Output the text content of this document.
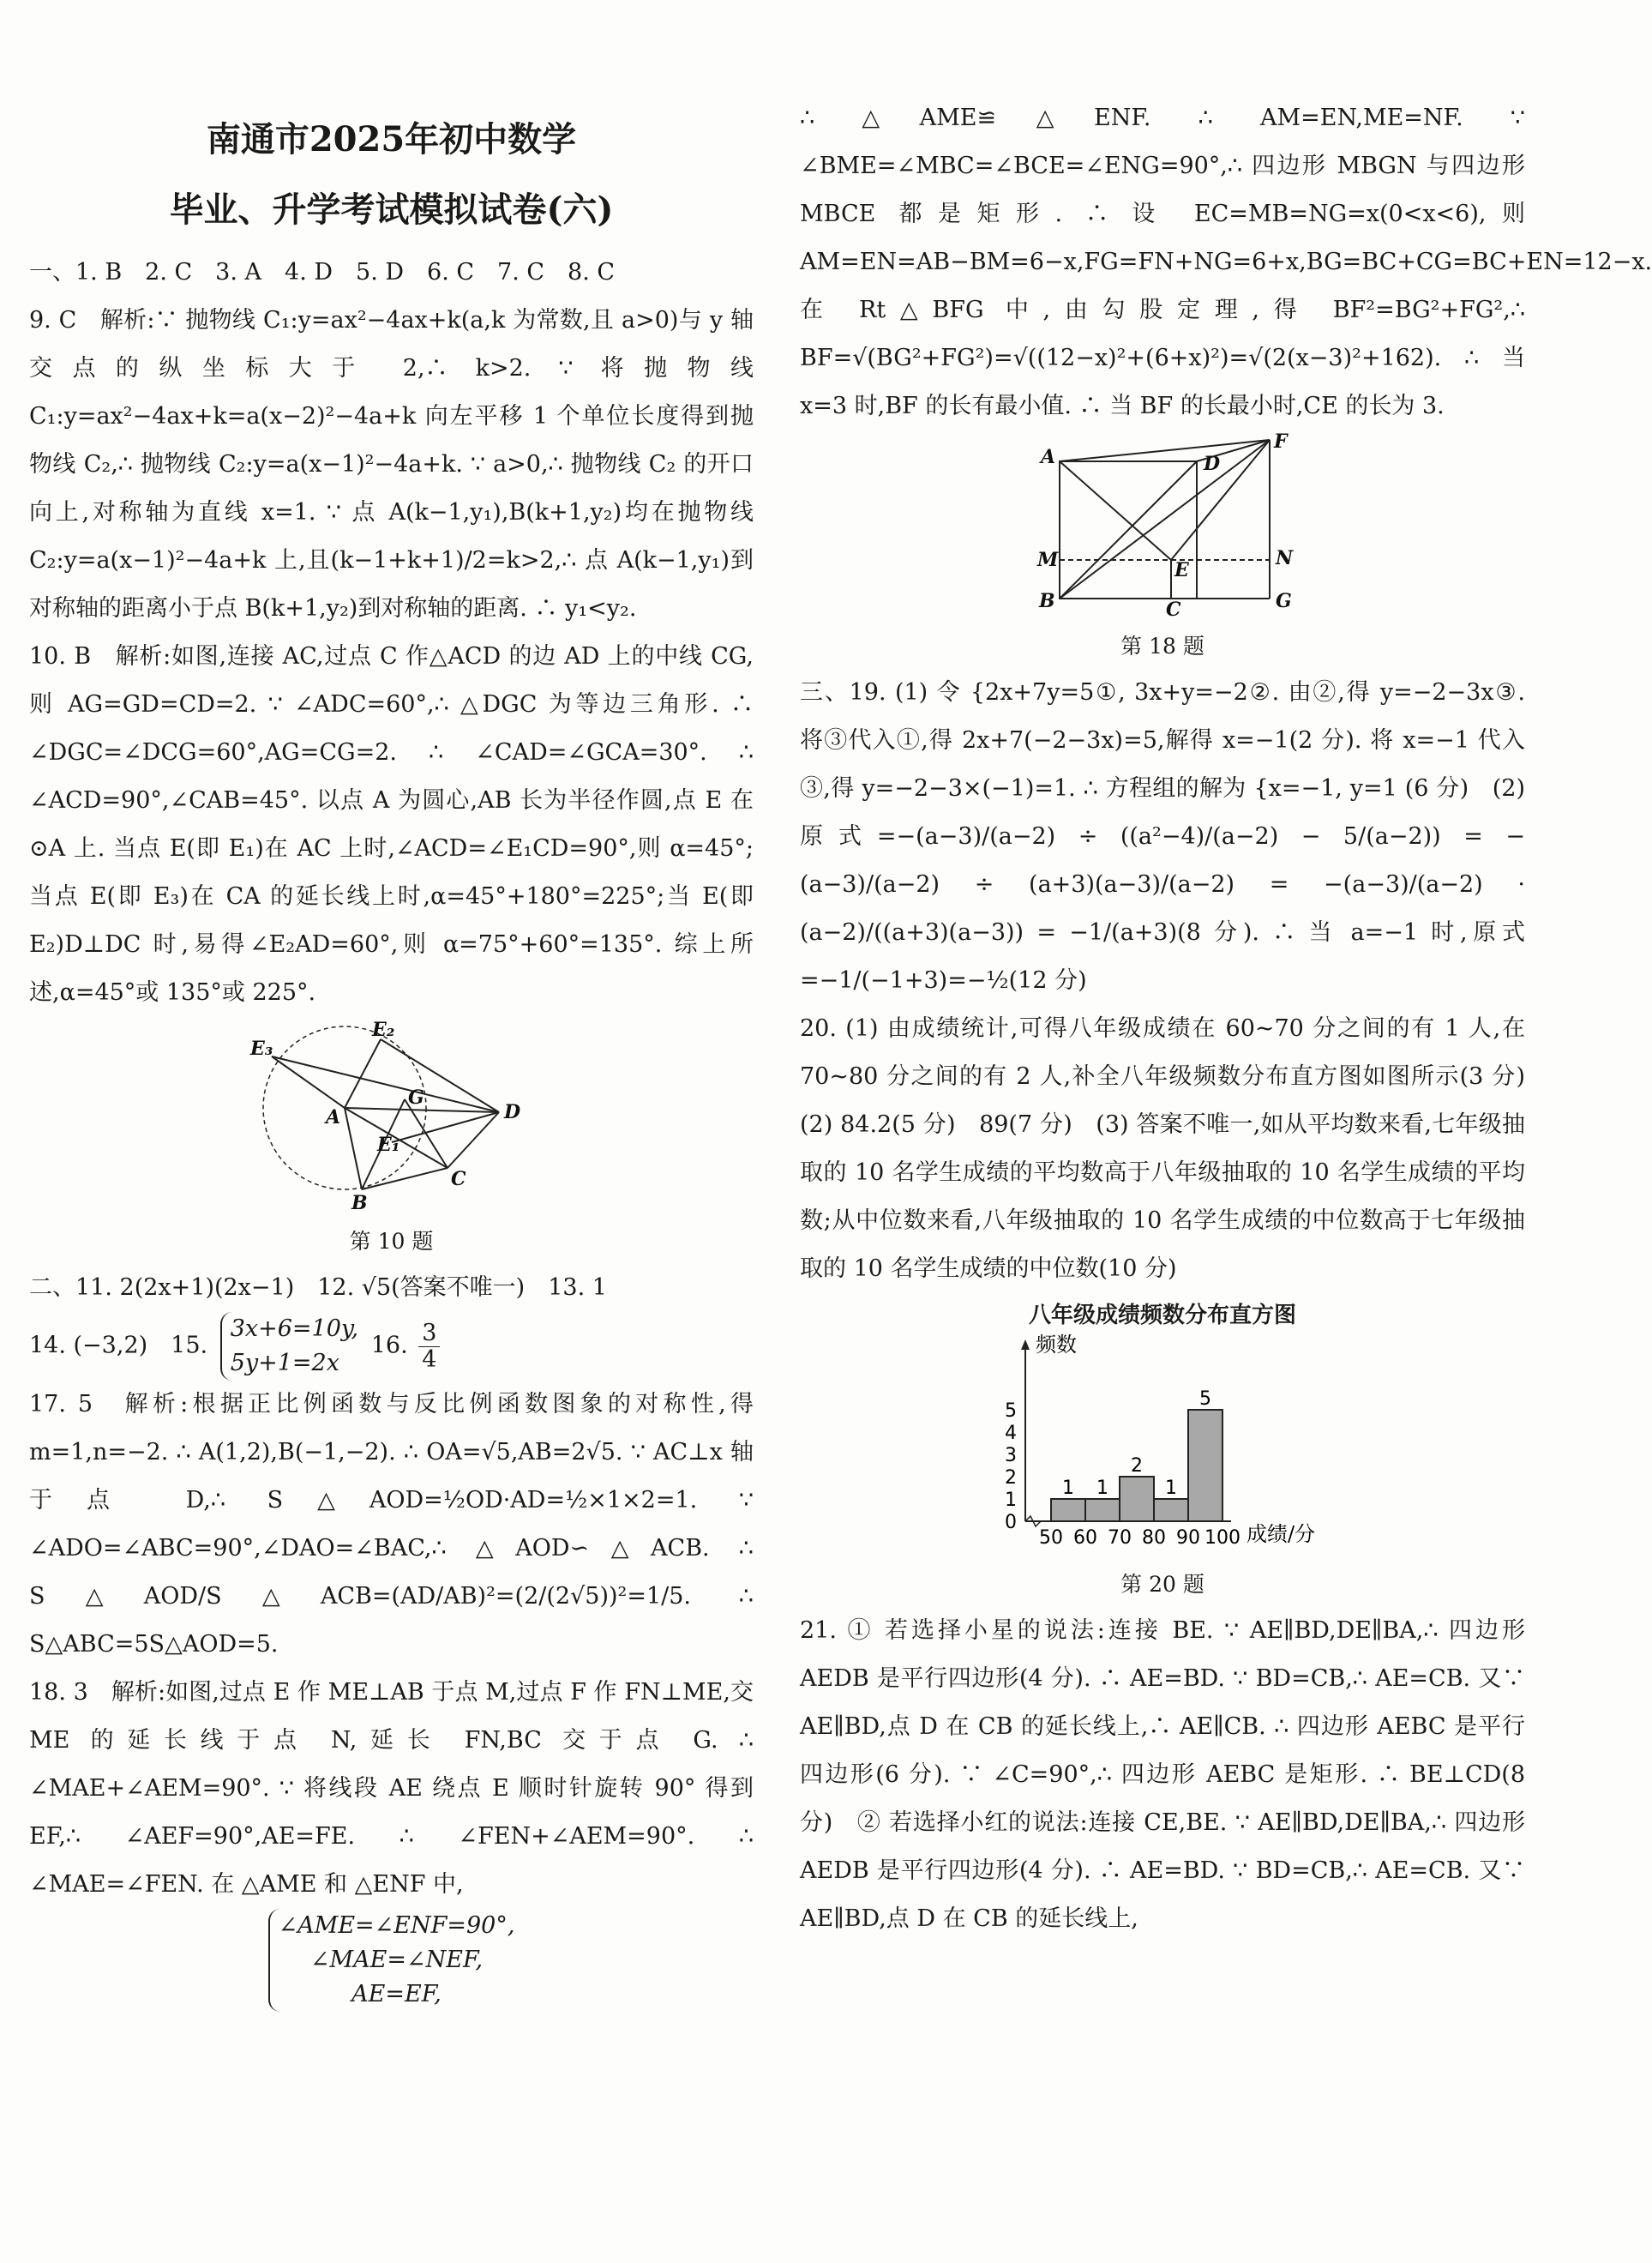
南通市2025年初中数学
毕业、升学考试模拟试卷(六)

一、1. B　2. C　3. A　4. D　5. D　6. C　7. C　8. C

9. C　解析:∵ 抛物线 C₁:y=ax²−4ax+k(a,k 为常数,且 a>0)与 y 轴交点的纵坐标大于 2,∴ k>2. ∵ 将抛物线 C₁:y=ax²−4ax+k=a(x−2)²−4a+k 向左平移 1 个单位长度得到抛物线 C₂,∴ 抛物线 C₂:y=a(x−1)²−4a+k. ∵ a>0,∴ 抛物线 C₂ 的开口向上,对称轴为直线 x=1. ∵ 点 A(k−1,y₁),B(k+1,y₂)均在抛物线 C₂:y=a(x−1)²−4a+k 上,且(k−1+k+1)/2=k>2,∴ 点 A(k−1,y₁)到对称轴的距离小于点 B(k+1,y₂)到对称轴的距离. ∴ y₁<y₂.

10. B　解析:如图,连接 AC,过点 C 作△ACD 的边 AD 上的中线 CG,则 AG=GD=CD=2. ∵ ∠ADC=60°,∴ △DGC 为等边三角形. ∴ ∠DGC=∠DCG=60°,AG=CG=2. ∴ ∠CAD=∠GCA=30°. ∴ ∠ACD=90°,∠CAB=45°. 以点 A 为圆心,AB 长为半径作圆,点 E 在⊙A 上. 当点 E(即 E₁)在 AC 上时,∠ACD=∠E₁CD=90°,则 α=45°;当点 E(即 E₃)在 CA 的延长线上时,α=45°+180°=225°;当 E(即 E₂)D⊥DC 时,易得∠E₂AD=60°,则 α=75°+60°=135°. 综上所述,α=45°或 135°或 225°.

E₃
E₂
A
G
D
E₁
B
C
第 10 题

二、11. 2(2x+1)(2x−1)　12. √5(答案不唯一)　13. 1

14. (−3,2)　15.
3x+6=10y,
5y+1=2x
16. $\frac{3}{4}$

17. 5　解析:根据正比例函数与反比例函数图象的对称性,得 m=1,n=−2. ∴ A(1,2),B(−1,−2). ∴ OA=√5,AB=2√5. ∵ AC⊥x 轴于点 D,∴ S△AOD=½OD·AD=½×1×2=1. ∵ ∠ADO=∠ABC=90°,∠DAO=∠BAC,∴ △AOD∽△ACB. ∴ S△AOD/S△ACB=(AD/AB)²=(2/(2√5))²=1/5. ∴ S△ABC=5S△AOD=5.

18. 3　解析:如图,过点 E 作 ME⊥AB 于点 M,过点 F 作 FN⊥ME,交 ME 的延长线于点 N,延长 FN,BC 交于点 G. ∴ ∠MAE+∠AEM=90°. ∵ 将线段 AE 绕点 E 顺时针旋转 90° 得到 EF,∴ ∠AEF=90°,AE=FE. ∴ ∠FEN+∠AEM=90°. ∴ ∠MAE=∠FEN. 在 △AME 和 △ENF 中,

∠AME=∠ENF=90°,
∠MAE=∠NEF,
AE=EF,

∴ △AME≌△ENF. ∴ AM=EN,ME=NF. ∵ ∠BME=∠MBC=∠BCE=∠ENG=90°,∴ 四边形 MBGN 与四边形 MBCE 都是矩形. ∴ 设 EC=MB=NG=x(0<x<6),则 AM=EN=AB−BM=6−x,FG=FN+NG=6+x,BG=BC+CG=BC+EN=12−x. 在 Rt△BFG 中,由勾股定理,得 BF²=BG²+FG²,∴ BF=√(BG²+FG²)=√((12−x)²+(6+x)²)=√(2(x−3)²+162). ∴ 当 x=3 时,BF 的长有最小值. ∴ 当 BF 的长最小时,CE 的长为 3.

A	D
F
M	E
N
B	C	G
第 18 题

三、19. (1) 令 {2x+7y=5①, 3x+y=−2②. 由②,得 y=−2−3x③. 将③代入①,得 2x+7(−2−3x)=5,解得 x=−1(2 分). 将 x=−1 代入③,得 y=−2−3×(−1)=1. ∴ 方程组的解为 {x=−1, y=1 (6 分)　(2) 原式=−(a−3)/(a−2) ÷ ((a²−4)/(a−2) − 5/(a−2)) = −(a−3)/(a−2) ÷ (a+3)(a−3)/(a−2) = −(a−3)/(a−2) · (a−2)/((a+3)(a−3)) = −1/(a+3)(8 分). ∴ 当 a=−1 时,原式=−1/(−1+3)=−½(12 分)

20. (1) 由成绩统计,可得八年级成绩在 60~70 分之间的有 1 人,在 70~80 分之间的有 2 人,补全八年级频数分布直方图如图所示(3 分)　(2) 84.2(5 分)　89(7 分)　(3) 答案不唯一,如从平均数来看,七年级抽取的 10 名学生成绩的平均数高于八年级抽取的 10 名学生成绩的平均数;从中位数来看,八年级抽取的 10 名学生成绩的中位数高于七年级抽取的 10 名学生成绩的中位数(10 分)

八年级成绩频数分布直方图
0
1
2
3
4
5
50 60 70 80 90 100
1 1
2
1
5
频数
成绩/分
第 20 题

21. ① 若选择小星的说法:连接 BE. ∵ AE∥BD,DE∥BA,∴ 四边形 AEDB 是平行四边形(4 分). ∴ AE=BD. ∵ BD=CB,∴ AE=CB. 又∵ AE∥BD,点 D 在 CB 的延长线上,∴ AE∥CB. ∴ 四边形 AEBC 是平行四边形(6 分). ∵ ∠C=90°,∴ 四边形 AEBC 是矩形. ∴ BE⊥CD(8 分)　② 若选择小红的说法:连接 CE,BE. ∵ AE∥BD,DE∥BA,∴ 四边形 AEDB 是平行四边形(4 分). ∴ AE=BD. ∵ BD=CB,∴ AE=CB. 又∵ AE∥BD,点 D 在 CB 的延长线上,
